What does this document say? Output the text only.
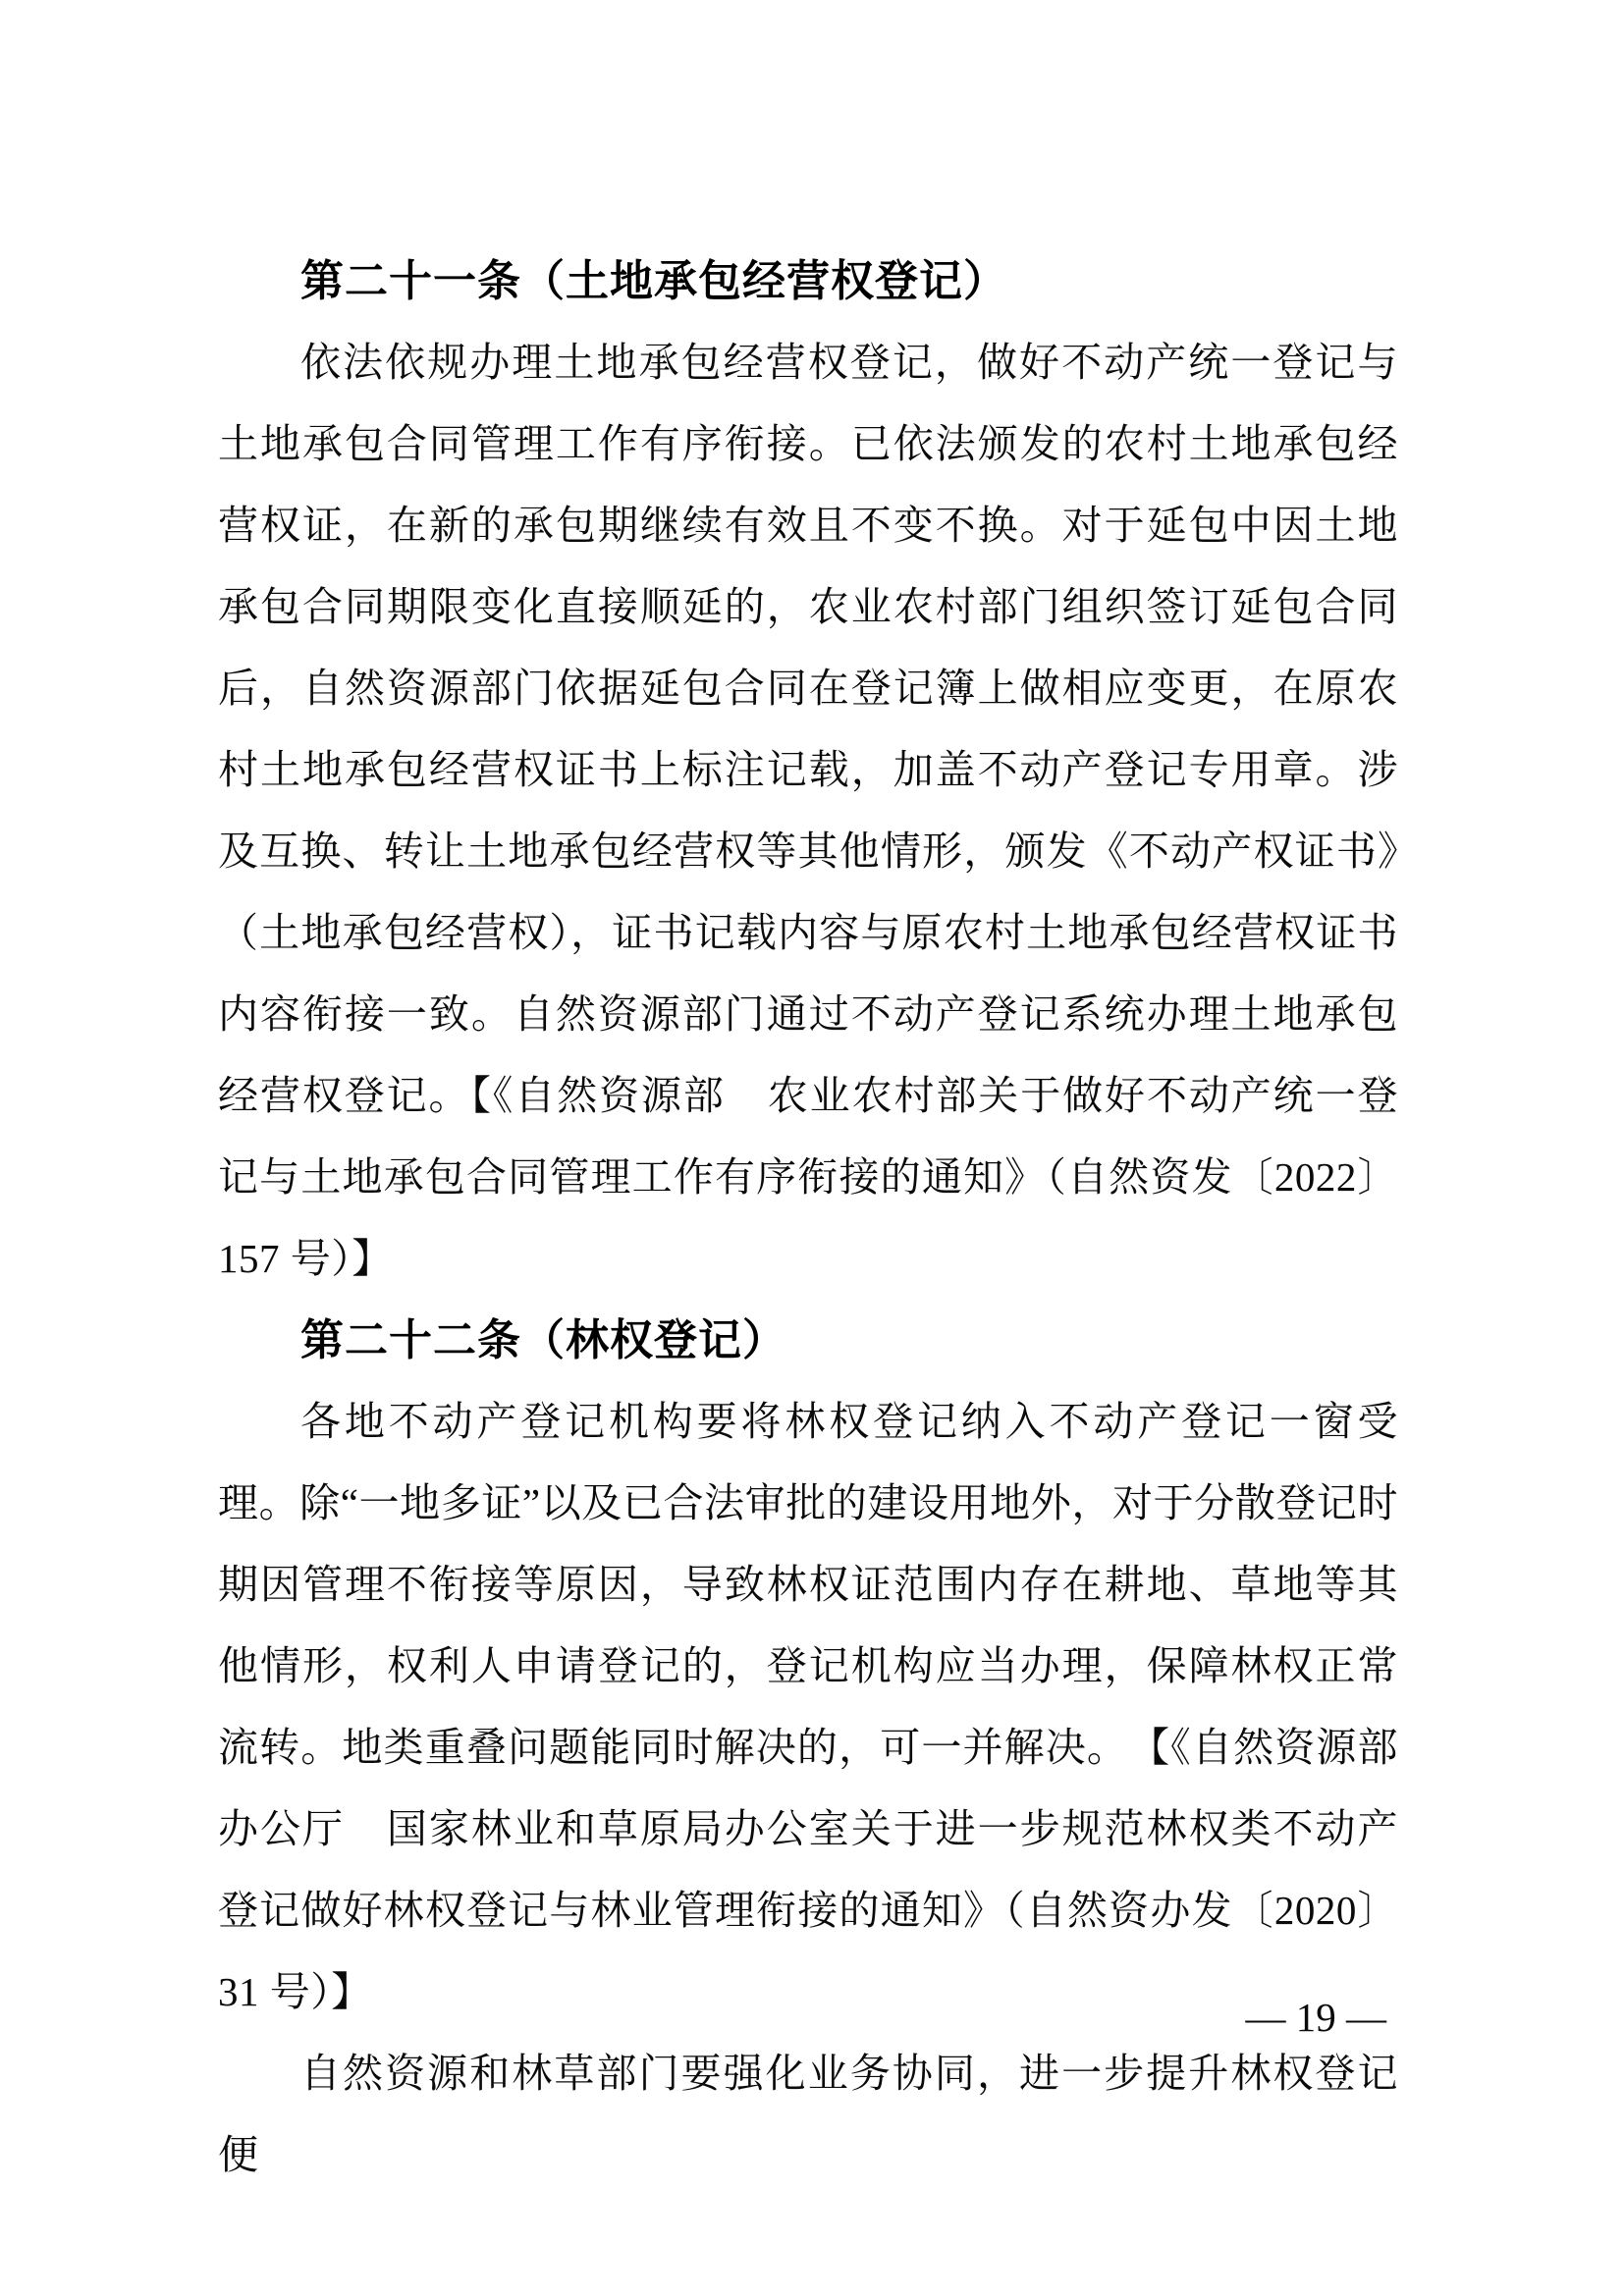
第二十一条（土地承包经营权登记）

依法依规办理土地承包经营权登记，做好不动产统一登记与土地承包合同管理工作有序衔接。已依法颁发的农村土地承包经营权证，在新的承包期继续有效且不变不换。对于延包中因土地承包合同期限变化直接顺延的，农业农村部门组织签订延包合同后，自然资源部门依据延包合同在登记簿上做相应变更，在原农村土地承包经营权证书上标注记载，加盖不动产登记专用章。涉及互换、转让土地承包经营权等其他情形，颁发《不动产权证书》（土地承包经营权），证书记载内容与原农村土地承包经营权证书内容衔接一致。自然资源部门通过不动产登记系统办理土地承包经营权登记。【《自然资源部　农业农村部关于做好不动产统一登记与土地承包合同管理工作有序衔接的通知》（自然资发〔2022〕157 号）】

第二十二条（林权登记）

各地不动产登记机构要将林权登记纳入不动产登记一窗受理。除“一地多证”以及已合法审批的建设用地外，对于分散登记时期因管理不衔接等原因，导致林权证范围内存在耕地、草地等其他情形，权利人申请登记的，登记机构应当办理，保障林权正常流转。地类重叠问题能同时解决的，可一并解决。　【《自然资源部办公厅　国家林业和草原局办公室关于进一步规范林权类不动产登记做好林权登记与林业管理衔接的通知》（自然资办发〔2020〕31 号）】

自然资源和林草部门要强化业务协同，进一步提升林权登记便

— 19 —
